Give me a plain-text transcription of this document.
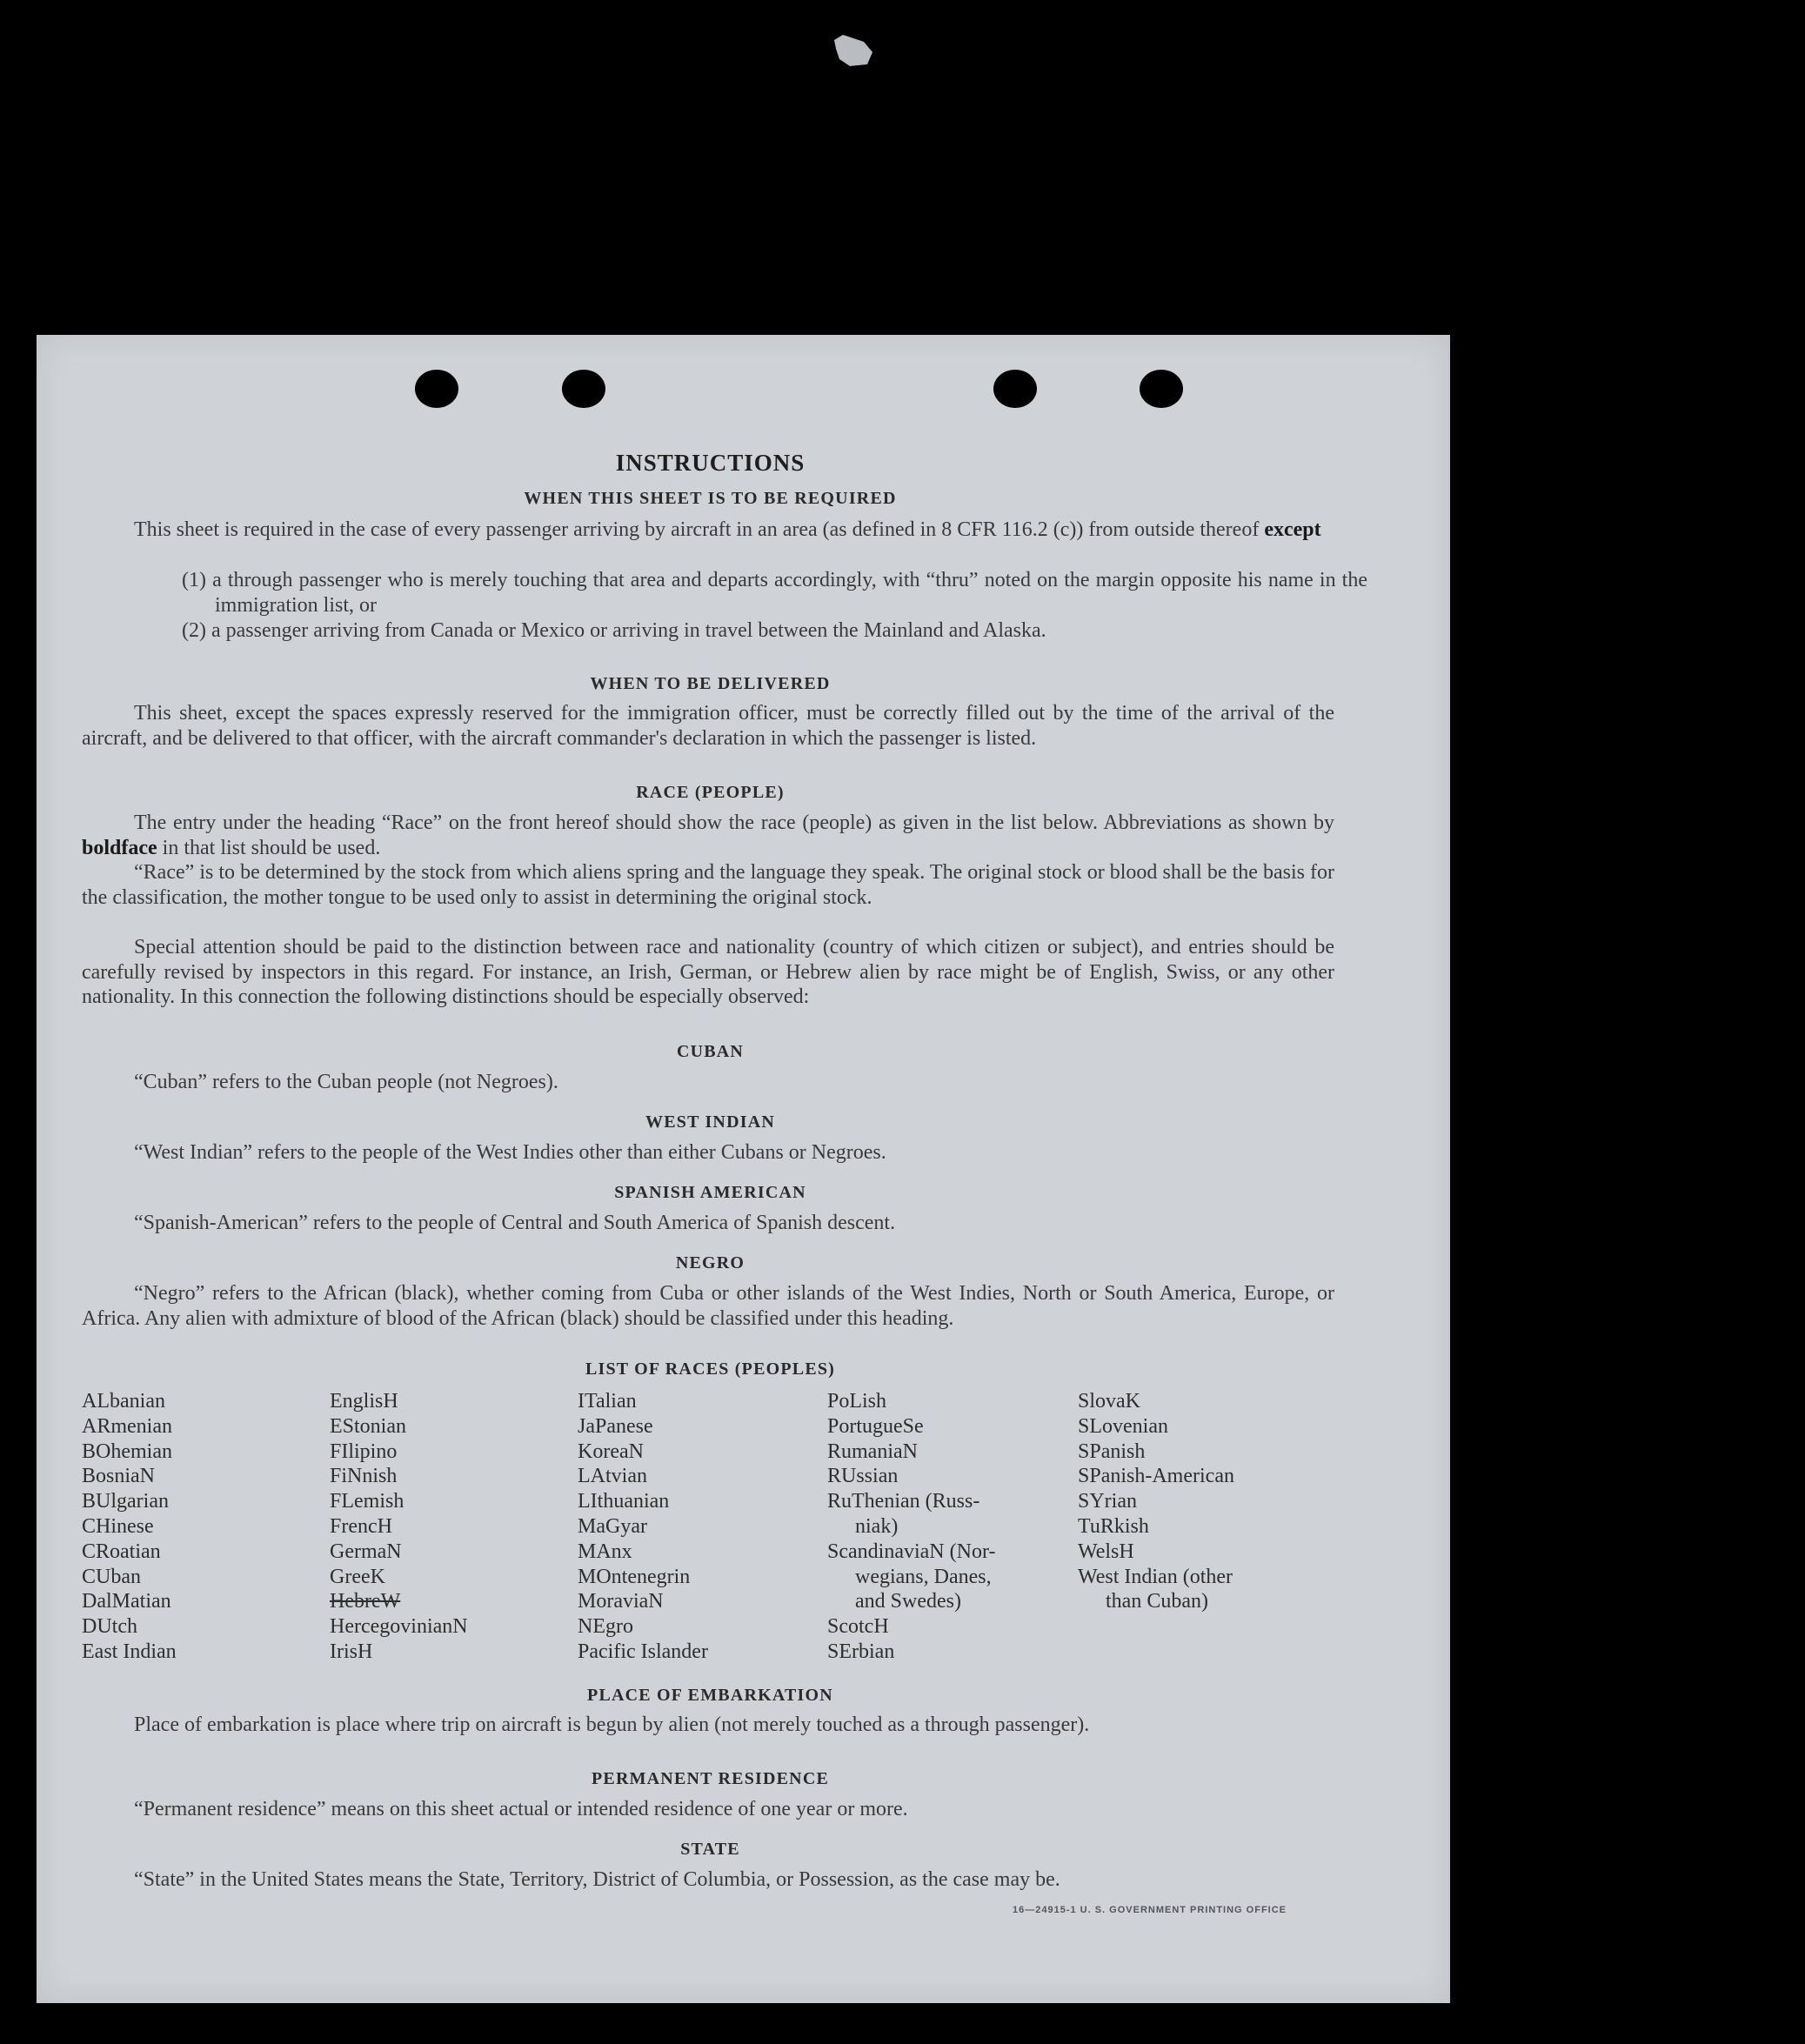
INSTRUCTIONS
WHEN THIS SHEET IS TO BE REQUIRED
This sheet is required in the case of every passenger arriving by aircraft in an area (as defined in 8 CFR 116.2 (c)) from outside thereof except
(1) a through passenger who is merely touching that area and departs accordingly, with “thru” noted on the margin opposite his name in the immigration list, or
(2) a passenger arriving from Canada or Mexico or arriving in travel between the Mainland and Alaska.
WHEN TO BE DELIVERED
This sheet, except the spaces expressly reserved for the immigration officer, must be correctly filled out by the time of the arrival of the aircraft, and be delivered to that officer, with the aircraft commander's declaration in which the passenger is listed.
RACE (PEOPLE)
The entry under the heading “Race” on the front hereof should show the race (people) as given in the list below. Abbreviations as shown by boldface in that list should be used.
“Race” is to be determined by the stock from which aliens spring and the language they speak. The original stock or blood shall be the basis for the classification, the mother tongue to be used only to assist in determining the original stock.
Special attention should be paid to the distinction between race and nationality (country of which citizen or subject), and entries should be carefully revised by inspectors in this regard. For instance, an Irish, German, or Hebrew alien by race might be of English, Swiss, or any other nationality. In this connection the following distinctions should be especially observed:
CUBAN
“Cuban” refers to the Cuban people (not Negroes).
WEST INDIAN
“West Indian” refers to the people of the West Indies other than either Cubans or Negroes.
SPANISH AMERICAN
“Spanish-American” refers to the people of Central and South America of Spanish descent.
NEGRO
“Negro” refers to the African (black), whether coming from Cuba or other islands of the West Indies, North or South America, Europe, or Africa. Any alien with admixture of blood of the African (black) should be classified under this heading.
LIST OF RACES (PEOPLES)
ALbanian
ARmenian
BOhemian
BosniaN
BUlgarian
CHinese
CRoatian
CUban
DalMatian
DUtch
East Indian
EnglisH
EStonian
FIlipino
FiNnish
FLemish
FrencH
GermaN
GreeK
HebreW
HercegovinianN
IrisH
ITalian
JaPanese
KoreaN
LAtvian
LIthuanian
MaGyar
MAnx
MOntenegrin
MoraviaN
NEgro
Pacific Islander
PoLish
PortugueSe
RumaniaN
RUssian
RuThenian (Russ-
niak)
ScandinaviaN (Nor-
wegians, Danes,
and Swedes)
ScotcH
SErbian
SlovaK
SLovenian
SPanish
SPanish-American
SYrian
TuRkish
WelsH
West Indian (other
than Cuban)
PLACE OF EMBARKATION
Place of embarkation is place where trip on aircraft is begun by alien (not merely touched as a through passenger).
PERMANENT RESIDENCE
“Permanent residence” means on this sheet actual or intended residence of one year or more.
STATE
“State” in the United States means the State, Territory, District of Columbia, or Possession, as the case may be.
16—24915-1 U. S. GOVERNMENT PRINTING OFFICE
